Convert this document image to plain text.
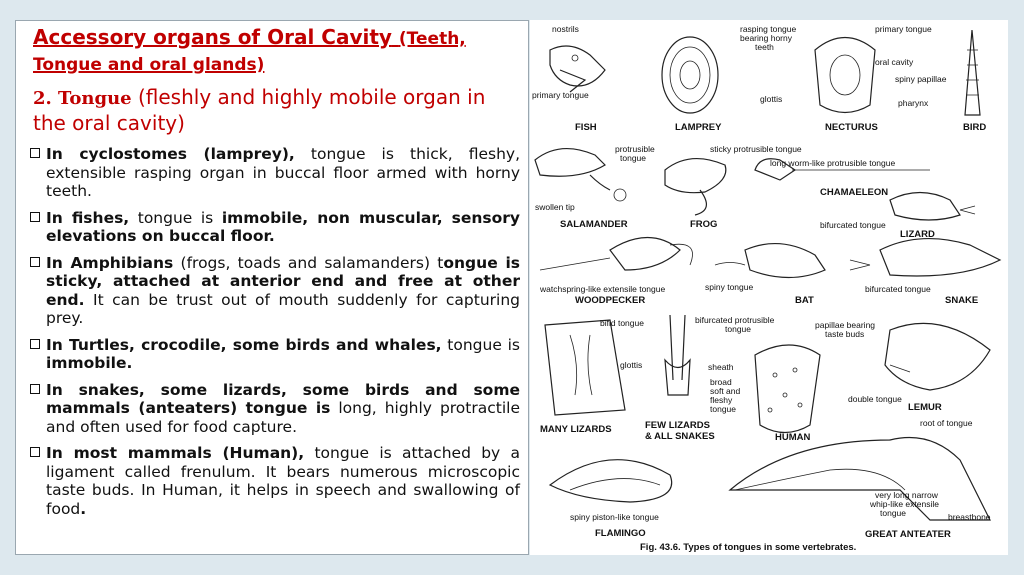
Accessory organs of Oral Cavity (Teeth, Tongue and oral glands)
2. Tongue (fleshly and highly mobile organ in the oral cavity)
In cyclostomes (lamprey), tongue is thick, fleshy, extensible rasping organ in buccal floor armed with horny teeth.
In fishes, tongue is immobile, non muscular, sensory elevations on buccal floor.
In Amphibians (frogs, toads and salamanders) tongue is sticky, attached at anterior end and free at other end. It can be trust out of mouth suddenly for capturing prey.
In Turtles, crocodile, some birds and whales, tongue is immobile.
In snakes, some lizards, some birds and some mammals (anteaters) tongue is long, highly protractile and often used for food capture.
In most mammals (Human), tongue is attached by a ligament called frenulum. It bears numerous microscopic taste buds. In Human, it helps in speech and swallowing of food.
nostrils
primary tongue
FISH
rasping tongue
bearing horny
teeth
LAMPREY
glottis
primary tongue
oral cavity
spiny papillae
pharynx
NECTURUS	BIRD
protrusible
tongue
swollen tip
SALAMANDER
sticky protrusible tongue
FROG
long worm-like protrusible tongue
CHAMAELEON
bifurcated tongue
LIZARD
watchspring-like extensile tongue
WOODPECKER
spiny tongue
BAT
bifurcated tongue
SNAKE
bifid tongue
glottis
MANY LIZARDS
bifurcated protrusible
tongue
sheath
broad
soft and
fleshy
tongue
FEW LIZARDS
& ALL SNAKES
papillae bearing
taste buds
HUMAN
double tongue
LEMUR
spiny piston-like tongue
FLAMINGO
root of tongue
very long narrow
whip-like extensile
tongue	breastbone
GREAT ANTEATER
Fig. 43.6. Types of tongues in some vertebrates.
